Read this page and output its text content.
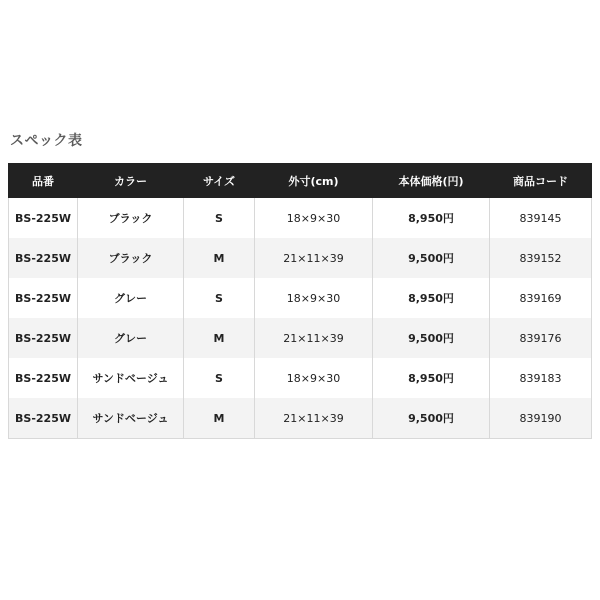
スペック表
品番	カラー	サイズ	外寸(cm)	本体価格(円)	商品コード
BS-225W	ブラック	S	18×9×30	8,950円	839145
BS-225W	ブラック	M	21×11×39	9,500円	839152
BS-225W	グレー	S	18×9×30	8,950円	839169
BS-225W	グレー	M	21×11×39	9,500円	839176
BS-225W	サンドベージュ	S	18×9×30	8,950円	839183
BS-225W	サンドベージュ	M	21×11×39	9,500円	839190
